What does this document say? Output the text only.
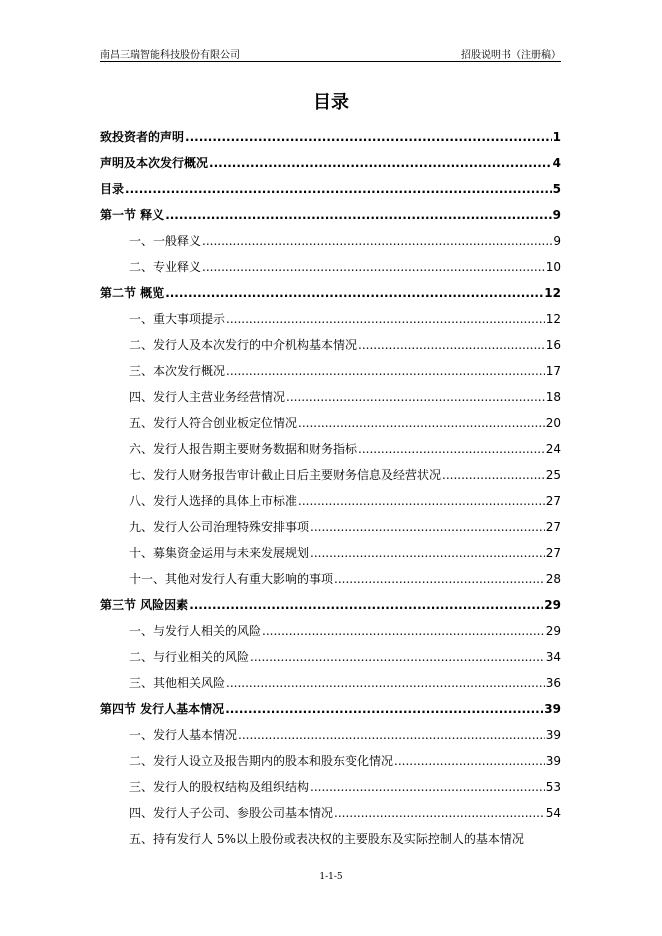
南昌三瑞智能科技股份有限公司	招股说明书（注册稿）
目录
致投资者的声明 .....	1
声明及本次发行概况 .....	4
目录 .....	5
第一节 释义 .....	9
一、一般释义 .....	9
二、专业释义 .....	10
第二节 概览 .....	12
一、重大事项提示 .....	12
二、发行人及本次发行的中介机构基本情况 .....	16
三、本次发行概况 .....	17
四、发行人主营业务经营情况 .....	18
五、发行人符合创业板定位情况 .....	20
六、发行人报告期主要财务数据和财务指标 .....	24
七、发行人财务报告审计截止日后主要财务信息及经营状况 .....	25
八、发行人选择的具体上市标准 .....	27
九、发行人公司治理特殊安排事项 .....	27
十、募集资金运用与未来发展规划 .....	27
十一、其他对发行人有重大影响的事项 .....	28
第三节 风险因素 .....	29
一、与发行人相关的风险 .....	29
二、与行业相关的风险 .....	34
三、其他相关风险 .....	36
第四节 发行人基本情况 .....	39
一、发行人基本情况 .....	39
二、发行人设立及报告期内的股本和股东变化情况 .....	39
三、发行人的股权结构及组织结构 .....	53
四、发行人子公司、参股公司基本情况 .....	54
五、持有发行人 5%以上股份或表决权的主要股东及实际控制人的基本情况
1-1-5
